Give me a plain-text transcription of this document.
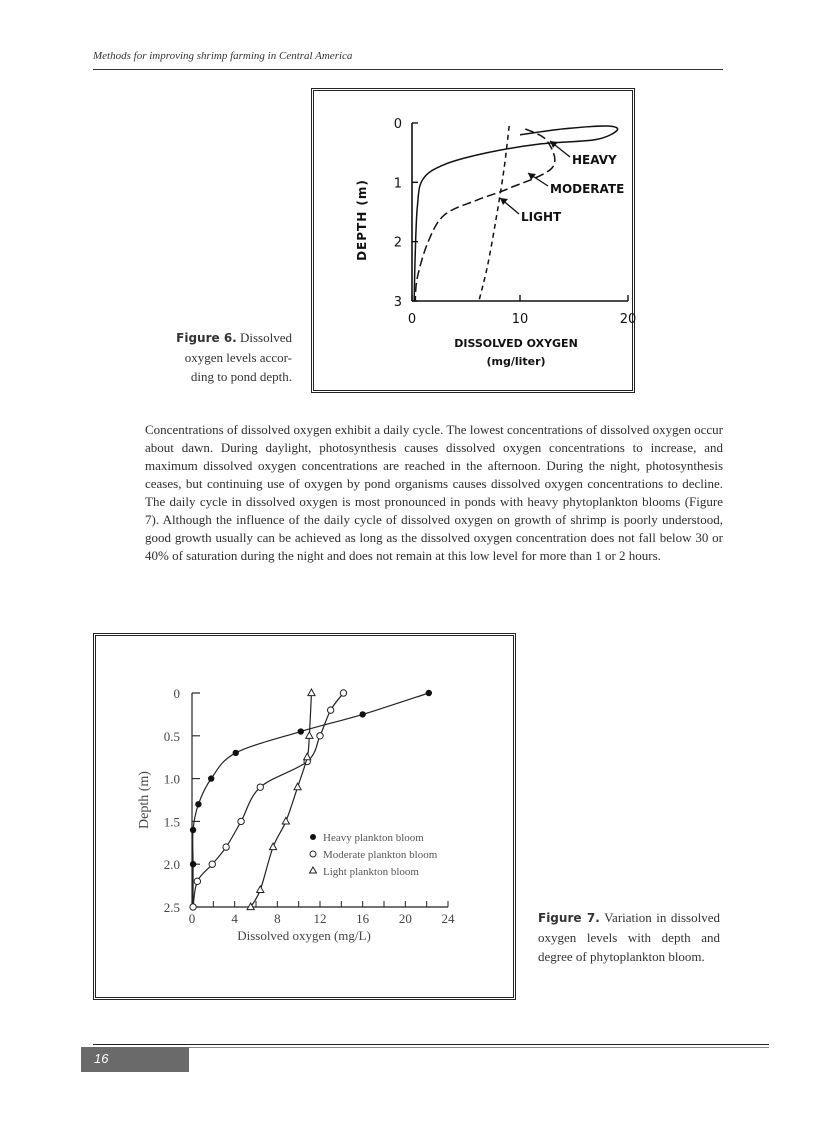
Methods for improving shrimp farming in Central America
0
1
2
3
0	10	20
DEPTH (m)
DISSOLVED OXYGEN
(mg/liter)
HEAVY
MODERATE
LIGHT
Figure 6. Dissolved
oxygen levels accor-
ding to pond depth.
Concentrations of dissolved oxygen exhibit a daily cycle. The lowest concentrations of dissolved oxygen occur about dawn. During daylight, photosynthesis causes dissolved oxygen concentrations to increase, and maximum dissolved oxygen concentrations are reached in the afternoon. During the night, photosynthesis ceases, but continuing use of oxygen by pond organisms causes dissolved oxygen concentrations to decline. The daily cycle in dissolved oxygen is most pronounced in ponds with heavy phytoplankton blooms (Figure 7). Although the influence of the daily cycle of dissolved oxygen on growth of shrimp is poorly understood, good growth usually can be achieved as long as the dissolved oxygen concentration does not fall below 30 or 40% of saturation during the night and does not remain at this low level for more than 1 or 2 hours.
0
0.5
1.0
1.5
2.0
2.5
0	4	8	12 16 20 24
Depth (m)
Dissolved oxygen (mg/L)
Heavy plankton bloom
Moderate plankton bloom
Light plankton bloom
Figure 7. Variation in dissolved oxygen levels with depth and degree of phytoplankton bloom.
16
